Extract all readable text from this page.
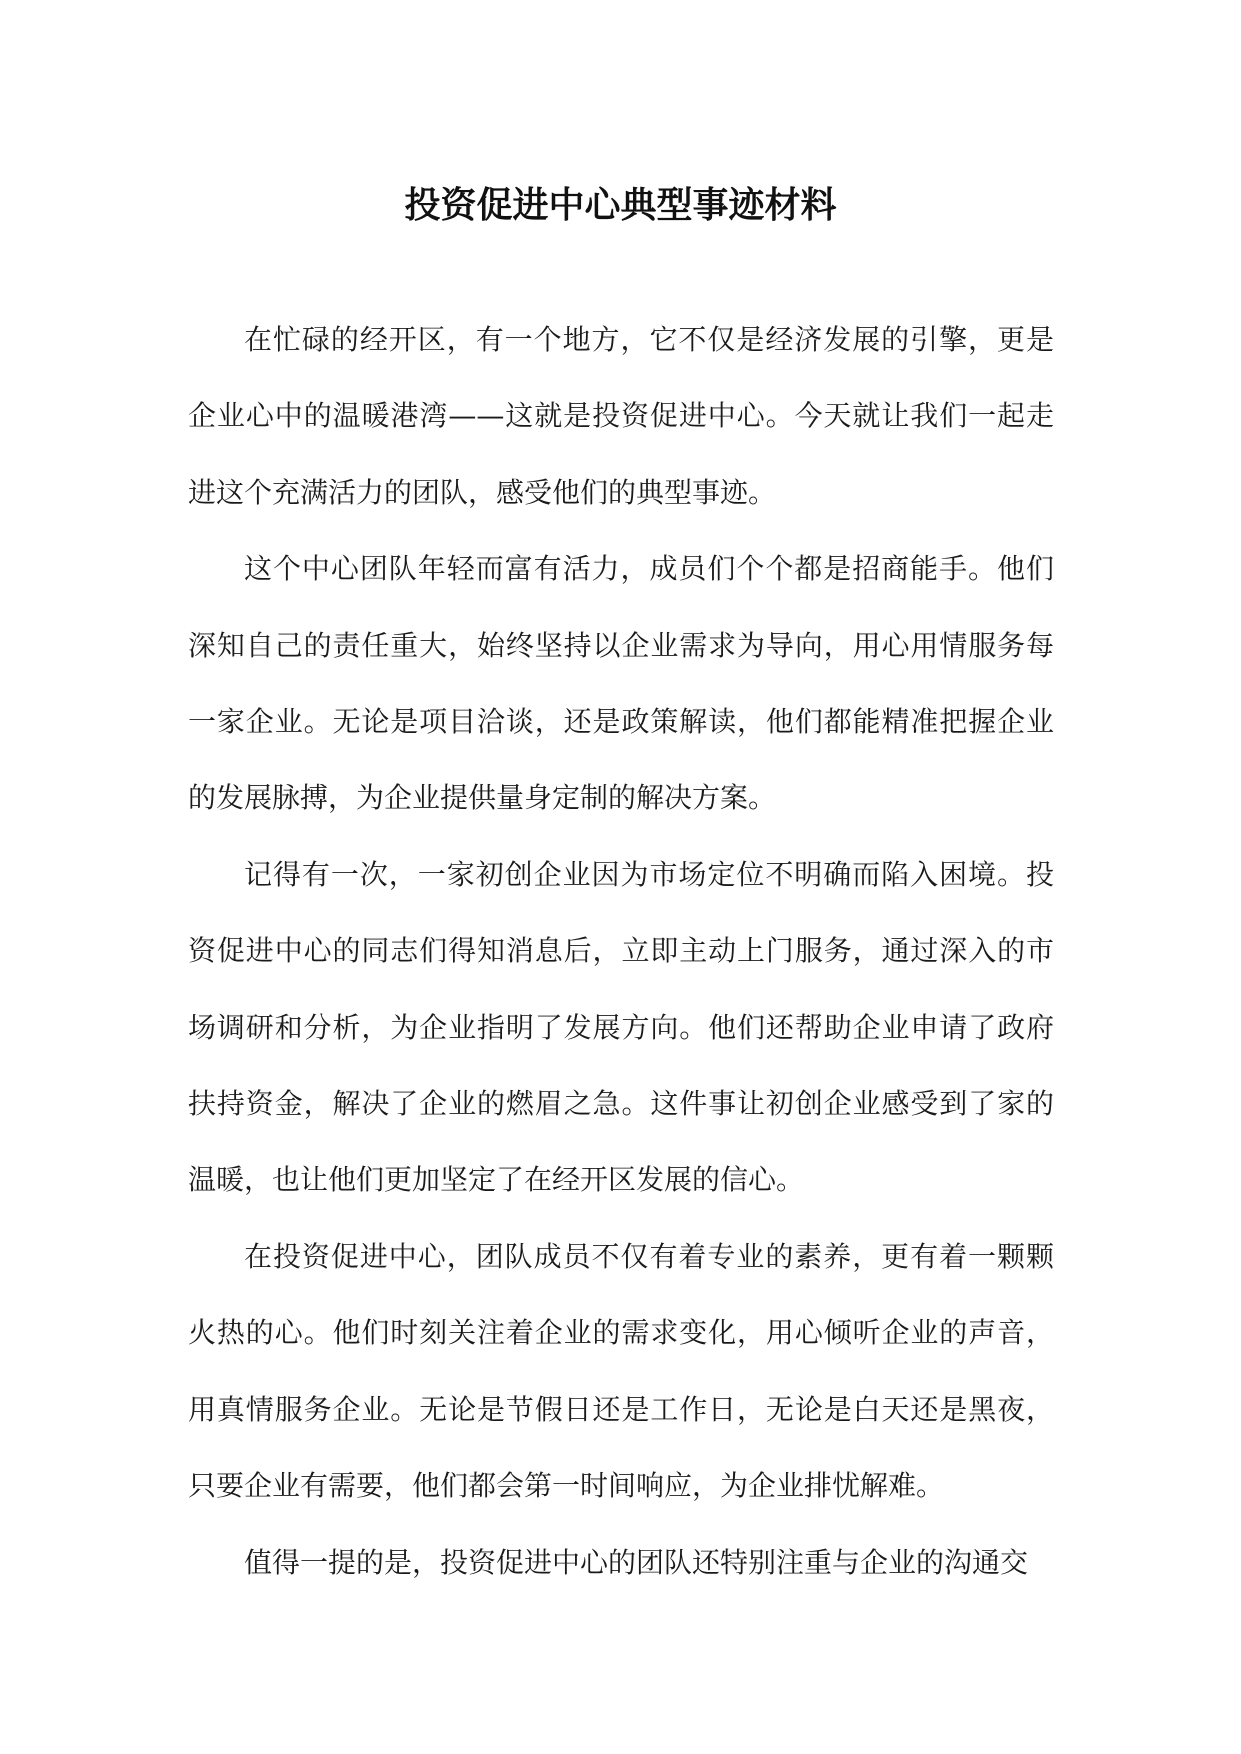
投资促进中心典型事迹材料

在忙碌的经开区，有一个地方，它不仅是经济发展的引擎，更是企业心中的温暖港湾——这就是投资促进中心。今天就让我们一起走进这个充满活力的团队，感受他们的典型事迹。

这个中心团队年轻而富有活力，成员们个个都是招商能手。他们深知自己的责任重大，始终坚持以企业需求为导向，用心用情服务每一家企业。无论是项目洽谈，还是政策解读，他们都能精准把握企业的发展脉搏，为企业提供量身定制的解决方案。

记得有一次，一家初创企业因为市场定位不明确而陷入困境。投资促进中心的同志们得知消息后，立即主动上门服务，通过深入的市场调研和分析，为企业指明了发展方向。他们还帮助企业申请了政府扶持资金，解决了企业的燃眉之急。这件事让初创企业感受到了家的温暖，也让他们更加坚定了在经开区发展的信心。

在投资促进中心，团队成员不仅有着专业的素养，更有着一颗颗火热的心。他们时刻关注着企业的需求变化，用心倾听企业的声音，用真情服务企业。无论是节假日还是工作日，无论是白天还是黑夜，只要企业有需要，他们都会第一时间响应，为企业排忧解难。

值得一提的是，投资促进中心的团队还特别注重与企业的沟通交
